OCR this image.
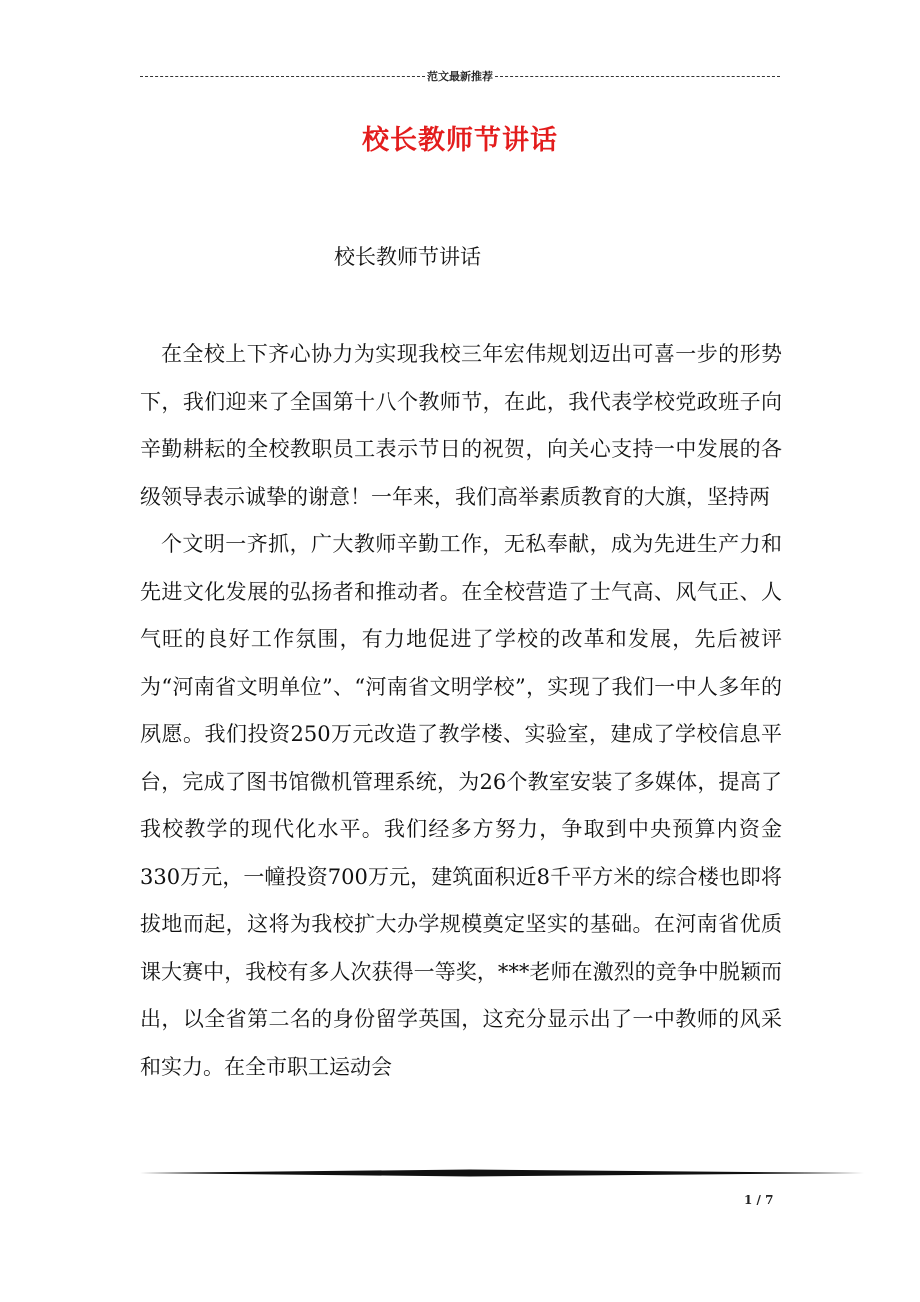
范文最新推荐
校长教师节讲话
校长教师节讲话

在全校上下齐心协力为实现我校三年宏伟规划迈出可喜一步的形势下，我们迎来了全国第十八个教师节，在此，我代表学校党政班子向辛勤耕耘的全校教职员工表示节日的祝贺，向关心支持一中发展的各级领导表示诚挚的谢意！一年来，我们高举素质教育的大旗，坚持两

个文明一齐抓，广大教师辛勤工作，无私奉献，成为先进生产力和先进文化发展的弘扬者和推动者。在全校营造了士气高、风气正、人气旺的良好工作氛围，有力地促进了学校的改革和发展，先后被评为“河南省文明单位”、“河南省文明学校”，实现了我们一中人多年的夙愿。我们投资250万元改造了教学楼、实验室，建成了学校信息平台，完成了图书馆微机管理系统，为26个教室安装了多媒体，提高了我校教学的现代化水平。我们经多方努力，争取到中央预算内资金330万元，一幢投资700万元，建筑面积近8千平方米的综合楼也即将拔地而起，这将为我校扩大办学规模奠定坚实的基础。在河南省优质课大赛中，我校有多人次获得一等奖，***老师在激烈的竞争中脱颖而出，以全省第二名的身份留学英国，这充分显示出了一中教师的风采和实力。在全市职工运动会

1 / 7
